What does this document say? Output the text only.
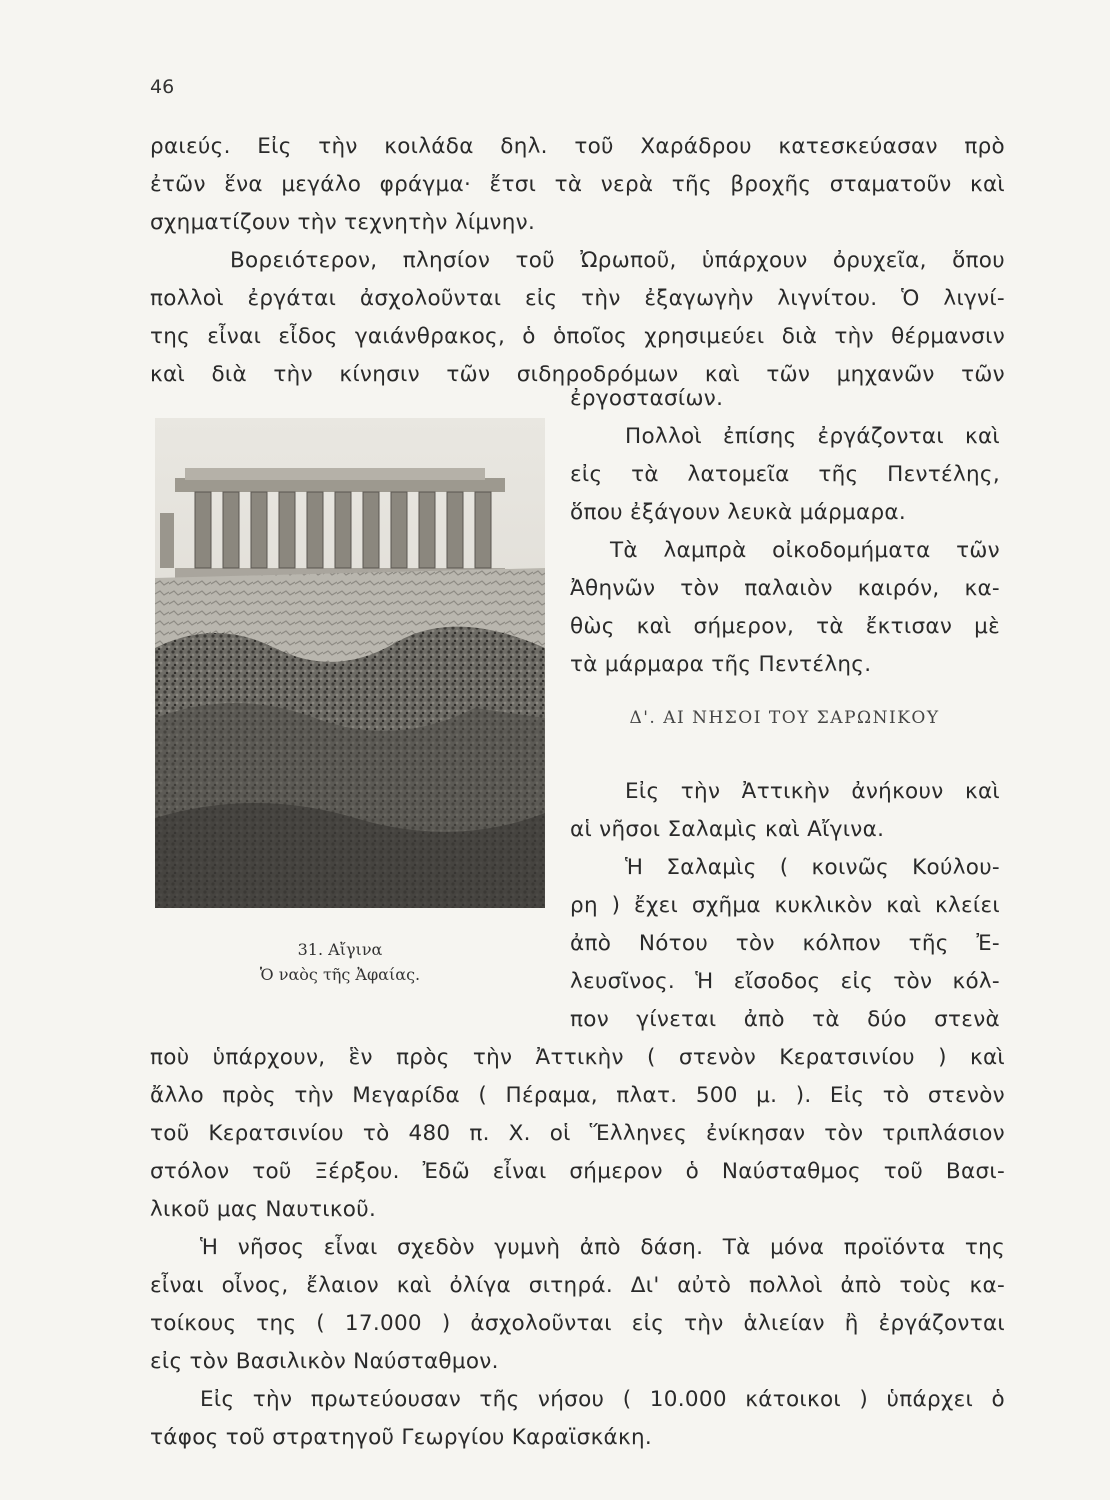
46
ραιεύς. Εἰς τὴν κοιλάδα δηλ. τοῦ Χαράδρου κατεσκεύασαν πρὸ
ἐτῶν ἕνα μεγάλο φράγμα· ἔτσι τὰ νερὰ τῆς βροχῆς σταματοῦν καὶ
σχηματίζουν τὴν τεχνητὴν λίμνην.
Βορειότερον, πλησίον τοῦ Ὠρωποῦ, ὑπάρχουν ὀρυχεῖα, ὅπου
πολλοὶ ἐργάται ἀσχολοῦνται εἰς τὴν ἐξαγωγὴν λιγνίτου. Ὁ λιγνί-
της εἶναι εἶδος γαιάνθρακος, ὁ ὁποῖος χρησιμεύει διὰ τὴν θέρμανσιν
καὶ διὰ τὴν κίνησιν τῶν σιδηροδρόμων καὶ τῶν μηχανῶν τῶν
31. Αἴγινα
Ὁ ναὸς τῆς Ἀφαίας.
ἐργοστασίων.
Πολλοὶ ἐπίσης ἐργάζονται καὶ
εἰς τὰ λατομεῖα τῆς Πεντέλης,
ὅπου ἐξάγουν λευκὰ μάρμαρα.
Τὰ λαμπρὰ οἰκοδομήματα τῶν
Ἀθηνῶν τὸν παλαιὸν καιρόν, κα-
θὼς καὶ σήμερον, τὰ ἔκτισαν μὲ
τὰ μάρμαρα τῆς Πεντέλης.
Δ'. ΑΙ ΝΗΣΟΙ ΤΟΥ ΣΑΡΩΝΙΚΟΥ
Εἰς τὴν Ἀττικὴν ἀνήκουν καὶ
αἱ νῆσοι Σαλαμὶς καὶ Αἴγινα.
Ἡ Σαλαμὶς ( κοινῶς Κούλου-
ρη ) ἔχει σχῆμα κυκλικὸν καὶ κλείει
ἀπὸ Νότου τὸν κόλπον τῆς Ἐ-
λευσῖνος. Ἡ εἴσοδος εἰς τὸν κόλ-
πον γίνεται ἀπὸ τὰ δύο στενὰ
ποὺ ὑπάρχουν, ἓν πρὸς τὴν Ἀττικὴν ( στενὸν Κερατσινίου ) καὶ
ἄλλο πρὸς τὴν Μεγαρίδα ( Πέραμα, πλατ. 500 μ. ). Εἰς τὸ στενὸν
τοῦ Κερατσινίου τὸ 480 π. Χ. οἱ Ἕλληνες ἐνίκησαν τὸν τριπλάσιον
στόλον τοῦ Ξέρξου. Ἐδῶ εἶναι σήμερον ὁ Ναύσταθμος τοῦ Βασι-
λικοῦ μας Ναυτικοῦ.
Ἡ νῆσος εἶναι σχεδὸν γυμνὴ ἀπὸ δάση. Τὰ μόνα προϊόντα της
εἶναι οἶνος, ἔλαιον καὶ ὀλίγα σιτηρά. Δι' αὐτὸ πολλοὶ ἀπὸ τοὺς κα-
τοίκους της ( 17.000 ) ἀσχολοῦνται εἰς τὴν ἁλιείαν ἢ ἐργάζονται
εἰς τὸν Βασιλικὸν Ναύσταθμον.
Εἰς τὴν πρωτεύουσαν τῆς νήσου ( 10.000 κάτοικοι ) ὑπάρχει ὁ
τάφος τοῦ στρατηγοῦ Γεωργίου Καραϊσκάκη.
